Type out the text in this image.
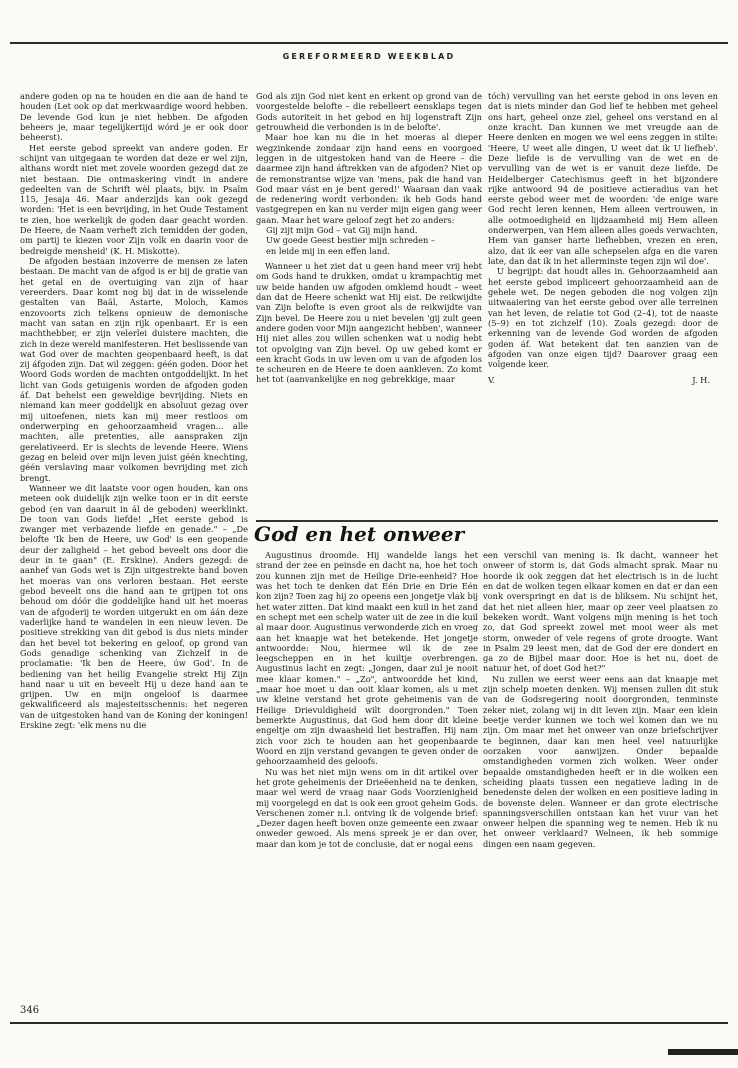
GEREFORMEERD WEEKBLAD

andere goden op na te houden en die aan de hand te houden (Let ook op dat merkwaardige woord hebben. De levende God kun je niet hebben. De afgoden beheers je, maar tegelijkertijd wórd je er ook door beheerst).

Het eerste gebod spreekt van andere goden. Er schijnt van uitgegaan te worden dat deze er wel zijn, althans wordt niet met zovele woorden gezegd dat ze niet bestaan. Die ontmaskering vindt in andere gedeelten van de Schrift wèl plaats, bijv. in Psalm 115, Jesaja 46. Maar anderzijds kan ook gezegd worden: 'Het is een bevrijding, in het Oude Testament te zien, hoe werkelijk de goden daar geacht worden. De Heere, de Naam verheft zich temidden der goden, om partij te kiezen voor Zijn volk en daarin voor de bedreigde mensheid' (K. H. Miskotte).

De afgoden bestaan inzoverre de mensen ze laten bestaan. De macht van de afgod is er bij de gratie van het getal en de overtuiging van zijn of haar vereerders. Daar komt nog bij dat in de wisselende gestalten van Baäl, Astarte, Moloch, Kamos enzovoorts zich telkens opnieuw de demonische macht van satan en zijn rijk openbaart. Er is een machthebber, er zijn velerlei duistere machten, die zich in deze wereld manifesteren. Het beslissende van wat God over de machten geopenbaard heeft, is dat zij áfgoden zijn. Dat wil zeggen: géén goden. Door het Woord Gods worden de machten ontgoddelijkt. In het licht van Gods getuigenis worden de afgoden goden áf. Dat behelst een geweldige bevrijding. Niets en niemand kan meer goddelijk en absoluut gezag over mij uitoefenen, niets kan mij meer restloos om onderwerping en gehoorzaamheid vragen... alle machten, alle pretenties, alle aanspraken zijn gerelativeerd. Er is slechts de levende Heere. Wiens gezag en beleid over mijn leven juist géén knechting, géén verslaving maar volkomen bevrijding met zich brengt.

Wanneer we dit laatste voor ogen houden, kan ons meteen ook duidelijk zijn welke toon er in dit eerste gebod (en van daaruit in ál de geboden) weerklinkt. De toon van Gods liefde! „Het eerste gebod is zwanger met verbazende liefde en genade." – „De belofte 'Ik ben de Heere, uw God' is een geopende deur der zaligheid – het gebod beveelt ons door die deur in te gaan" (E. Erskine). Anders gezegd: de aanhef van Gods wet is Zijn uitgestrekte hand boven het moeras van ons verloren bestaan. Het eerste gebod beveelt ons die hand aan te grijpen tot ons behoud om dóór die goddelijke hand uit het moeras van de afgoderij te worden uitgerukt en om áán deze vaderlijke hand te wandelen in een nieuw leven. De positieve strekking van dit gebod is dus niets minder dan het bevel tot bekering en geloof, op grond van Gods genadige schenking van Zichzelf in de proclamatie: 'Ik ben de Heere, úw God'. In de bediening van het heilig Evangelie strekt Hij Zijn hand naar u uit en beveelt Hij u deze hand aan te grijpen. Uw en mijn ongeloof is daarmee gekwalificeerd als majesteitsschennis: het negeren van de uitgestoken hand van de Koning der koningen! Erskine zegt: 'elk mens nu die

God als zijn God niet kent en erkent op grond van de voorgestelde belofte – die rebelleert eensklaps tegen Gods autoriteit in het gebod en hij logenstraft Zijn getrouwheid die verbonden is in de belofte'.

Maar hoe kan nu die in het moeras al dieper wegzinkende zondaar zijn hand eens en voorgoed leggen in de uitgestoken hand van de Heere – die daarmee zijn hand áftrekken van de afgoden? Niet op de remonstrantse wijze van 'mens, pak die hand van God maar vást en je bent gered!' Waaraan dan vaak de redenering wordt verbonden: ik heb Gods hand vastgegrepen en kan nu verder mijn eigen gang weer gaan. Maar het ware geloof zegt het zo anders:

Gij zijt mijn God – vat Gij mijn hand.
Uw goede Geest bestier mijn schreden –
en leide mij in een effen land.

Wanneer u het ziet dat u geen hand meer vrij hebt om Gods hand te drukken, omdat u krampachtig met uw beide handen uw afgoden omklemd houdt – weet dan dat de Heere schenkt wat Hij eist. De reikwijdte van Zijn belofte is even groot als de reikwijdte van Zijn bevel. De Heere zou u niet bevelen 'gij zult geen andere goden voor Mijn aangezicht hebben', wanneer Hij niet alles zou willen schenken wat u nodig hebt tot opvolging van Zijn bevel. Op uw gebed komt er een kracht Gods in uw leven om u van de afgoden los te scheuren en de Heere te doen aankleven. Zo komt het tot (aanvankelijke en nog gebrekkige, maar

tóch) vervulling van het eerste gebod in ons leven en dat is niets minder dan God lief te hebben met geheel ons hart, geheel onze ziel, geheel ons verstand en al onze kracht. Dan kunnen we met vreugde aan de Heere denken en mogen we wel eens zeggen in stilte: 'Heere, U weet alle dingen, U weet dat ik U liefheb'. Deze liefde is de vervulling van de wet en de vervulling van de wet is er vanuit deze liefde. De Heidelberger Catechismus geeft in het bijzondere rijke antwoord 94 de positieve actieradius van het eerste gebod weer met de woorden: 'de enige ware God recht leren kennen, Hem alleen vertrouwen, in alle ootmoedigheid en lijdzaamheid mij Hem alleen onderwerpen, van Hem alleen alles goeds verwachten, Hem van ganser harte liefhebben, vrezen en eren, alzo, dat ik eer van alle schepselen afga en die varen late, dan dat ik in het allerminste tegen zijn wil doe'.

U begrijpt: dat houdt alles in. Gehoorzaamheid aan het eerste gebod impliceert gehoorzaamheid aan de gehele wet. De negen geboden die nog volgen zijn uitwaaiering van het eerste gebod over alle terreinen van het leven, de relatie tot God (2–4), tot de naaste (5–9) en tot zichzelf (10). Zoals gezegd: door de erkenning van de levende God worden de afgoden goden áf. Wat betekent dat ten aanzien van de afgoden van onze eigen tijd? Daarover graag een volgende keer.

V.	J. H.
God en het onweer

Augustinus droomde. Hij wandelde langs het strand der zee en peinsde en dacht na, hoe het toch zou kunnen zijn met de Heilige Drie-eenheid? Hoe was het toch te denken dat Eén Drie en Drie Eén kon zijn? Toen zag hij zo opeens een jongetje vlak bij het water zitten. Dat kind maakt een kuil in het zand en schept met een schelp water uit de zee in die kuil al maar door. Augustinus verwonderde zich en vroeg aan het knaapje wat het betekende. Het jongetje antwoordde: Nou, hiermee wil ik de zee leegscheppen en in het kuiltje overbrengen. Augustinus lacht en zegt: „Jongen, daar zul je nooit mee klaar komen." – „Zo", antwoordde het kind, „maar hoe moet u dan ooit klaar komen, als u met uw kleine verstand het grote geheimenis van de Heilige Drievuldigheid wilt doorgronden." Toen bemerkte Augustinus, dat God hem door dit kleine engeltje om zijn dwaasheid liet bestraffen. Hij nam zich voor zich te houden aan het geopenbaarde Woord en zijn verstand gevangen te geven onder de gehoorzaamheid des geloofs.

Nu was het niet mijn wens om in dit artikel over het grote geheimenis der Drieëenheid na te denken, maar wel werd de vraag naar Gods Voorzienigheid mij voorgelegd en dat is ook een groot geheim Gods. Verschenen zomer n.l. ontving ik de volgende brief: „Dezer dagen heeft boven onze gemeente een zwaar onweder gewoed. Als mens spreek je er dan over, maar dan kom je tot de conclusie, dat er nogal eens

een verschil van mening is. Ik dacht, wanneer het onweer of storm is, dat Gods almacht sprak. Maar nu hoorde ik ook zeggen dat het electrisch is in de lucht en dat de wolken tegen elkaar komen en dat er dan een vonk overspringt en dat is de bliksem. Nu schijnt het, dat het niet alleen hier, maar op zeer veel plaatsen zo bekeken wordt. Want volgens mijn mening is het toch zo, dat God spreekt zowel met mooi weer als met storm, onweder of vele regens of grote droogte. Want in Psalm 29 leest men, dat de God der ere dondert en ga zo de Bijbel maar door. Hoe is het nu, doet de natuur het, of doet God het?"

Nu zullen we eerst weer eens aan dat knaapje met zijn schelp moeten denken. Wij mensen zullen dit stuk van de Godsregering nooit doorgronden, tenminste zeker niet, zolang wij in dit leven zijn. Maar een klein beetje verder kunnen we toch wel komen dan we nu zijn. Om maar met het onweer van onze briefschrijver te beginnen, daar kan men heel veel natuurlijke oorzaken voor aanwijzen. Onder bepaalde omstandigheden vormen zich wolken. Weer onder bepaalde omstandigheden heeft er in die wolken een scheiding plaats tussen een negatieve lading in de benedenste delen der wolken en een positieve lading in de bovenste delen. Wanneer er dan grote electrische spanningsverschillen ontstaan kan het vuur van het onweer helpen die spanning weg te nemen. Heb ik nu het onweer verklaard? Welneen, ik heb sommige dingen een naam gegeven.

346
